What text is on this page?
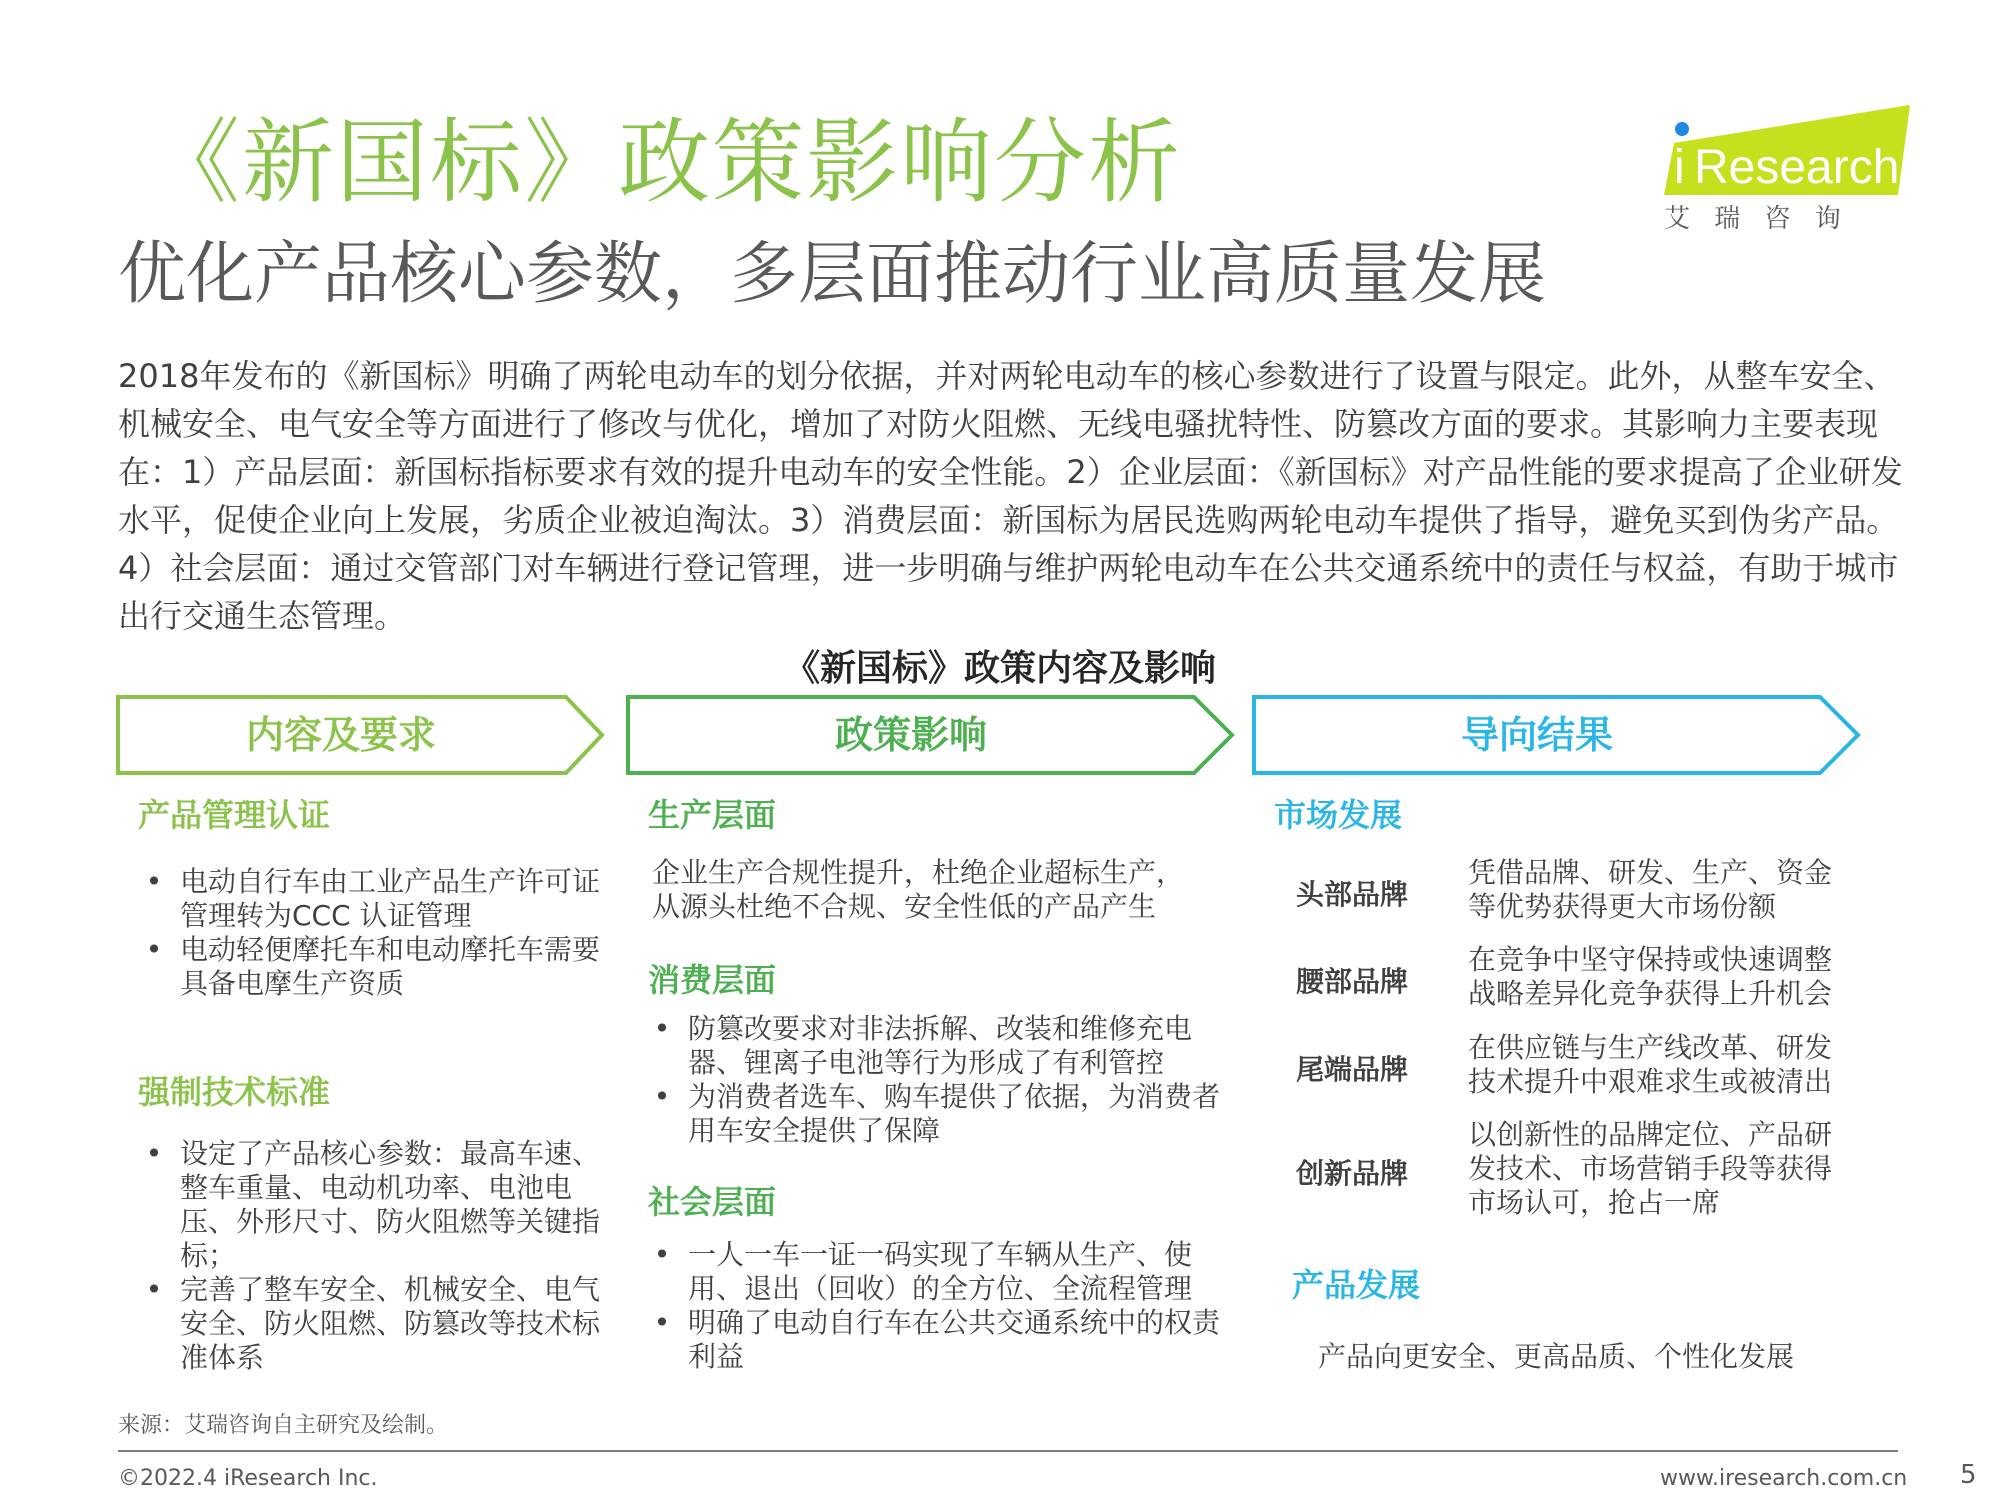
《新国标》政策影响分析
优化产品核心参数，多层面推动行业高质量发展
i Research
艾 瑞 咨 询
2018年发布的《新国标》明确了两轮电动车的划分依据，并对两轮电动车的核心参数进行了设置与限定。此外，从整车安全、机械安全、电气安全等方面进行了修改与优化，增加了对防火阻燃、无线电骚扰特性、防篡改方面的要求。其影响力主要表现在：1）产品层面：新国标指标要求有效的提升电动车的安全性能。2）企业层面：《新国标》对产品性能的要求提高了企业研发水平，促使企业向上发展，劣质企业被迫淘汰。3）消费层面：新国标为居民选购两轮电动车提供了指导，避免买到伪劣产品。4）社会层面：通过交管部门对车辆进行登记管理，进一步明确与维护两轮电动车在公共交通系统中的责任与权益，有助于城市出行交通生态管理。
《新国标》政策内容及影响
内容及要求	政策影响	导向结果
产品管理认证
• 电动自行车由工业产品生产许可证管理转为CCC 认证管理
• 电动轻便摩托车和电动摩托车需要具备电摩生产资质
强制技术标准
• 设定了产品核心参数：最高车速、整车重量、电动机功率、电池电压、外形尺寸、防火阻燃等关键指标；
• 完善了整车安全、机械安全、电气安全、防火阻燃、防篡改等技术标准体系
生产层面
企业生产合规性提升，杜绝企业超标生产，从源头杜绝不合规、安全性低的产品产生
消费层面
• 防篡改要求对非法拆解、改装和维修充电器、锂离子电池等行为形成了有利管控
• 为消费者选车、购车提供了依据，为消费者用车安全提供了保障
社会层面
• 一人一车一证一码实现了车辆从生产、使用、退出（回收）的全方位、全流程管理
• 明确了电动自行车在公共交通系统中的权责利益
市场发展
头部品牌
凭借品牌、研发、生产、资金等优势获得更大市场份额
腰部品牌
在竞争中坚守保持或快速调整战略差异化竞争获得上升机会
尾端品牌
在供应链与生产线改革、研发技术提升中艰难求生或被清出
创新品牌
以创新性的品牌定位、产品研发技术、市场营销手段等获得市场认可，抢占一席
产品发展
产品向更安全、更高品质、个性化发展
来源：艾瑞咨询自主研究及绘制。
©2022.4 iResearch Inc.	www.iresearch.com.cn 5
